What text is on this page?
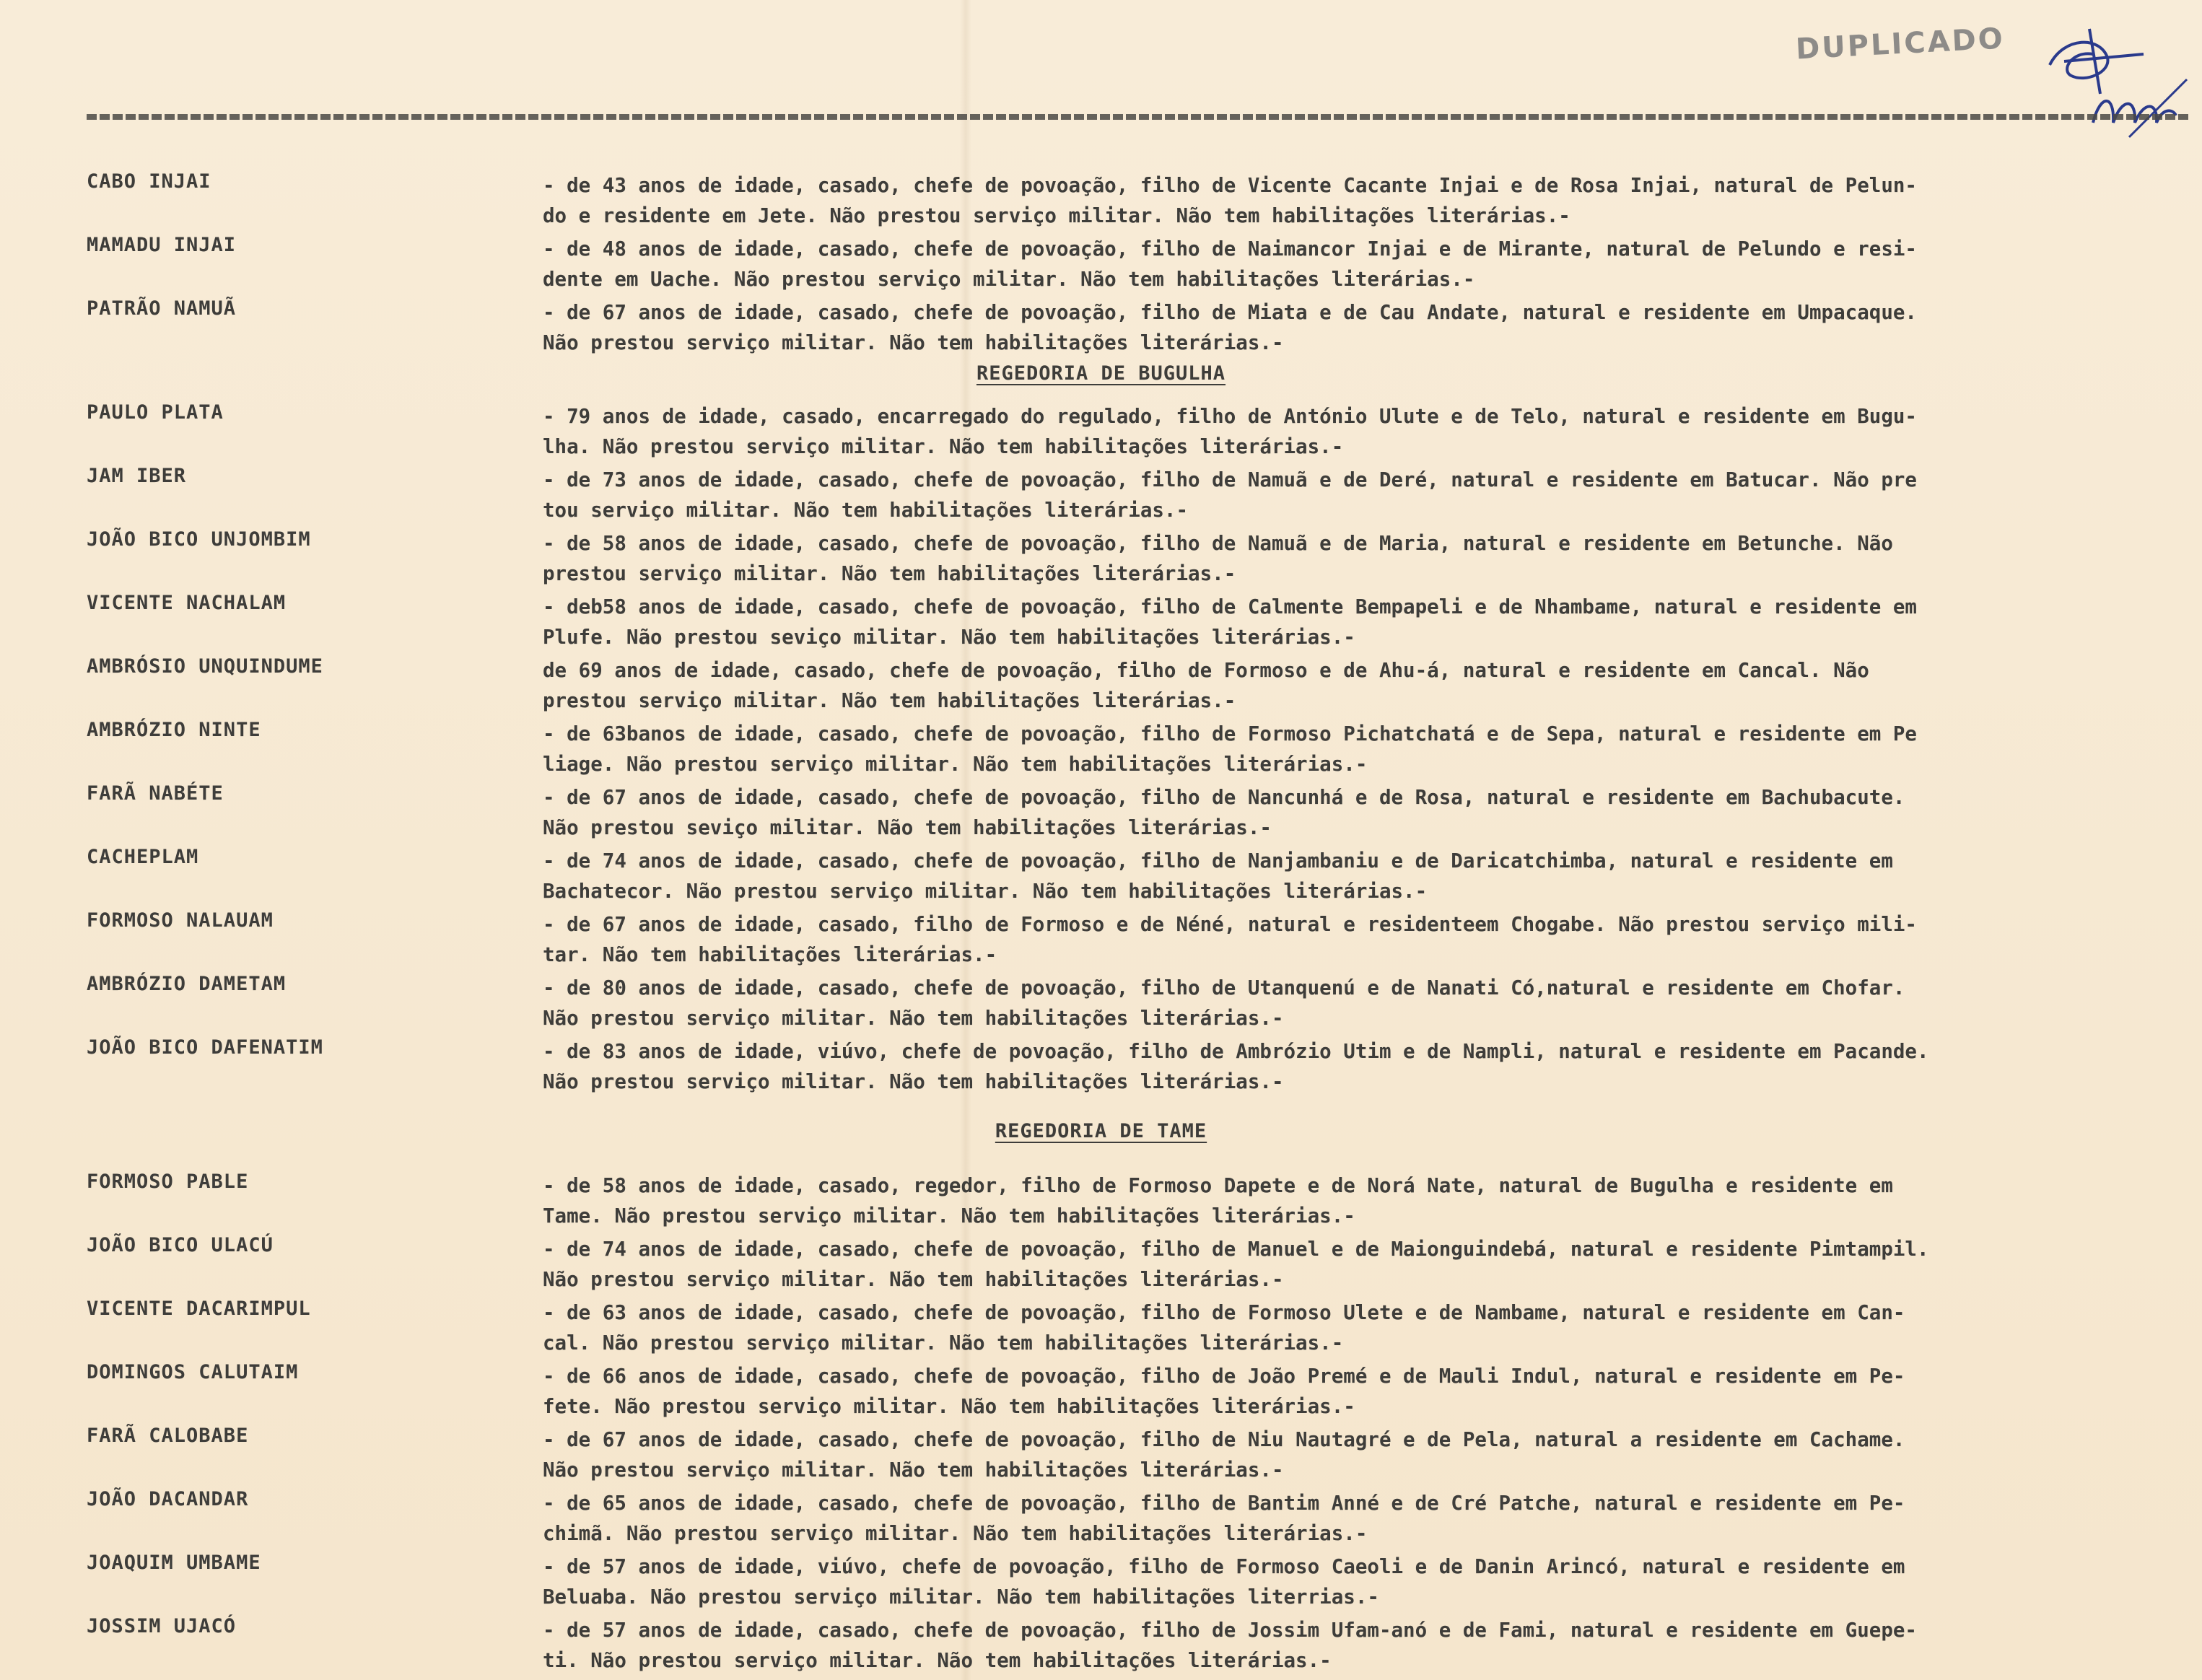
DUPLICADO
CABO INJAI	- de 43 anos de idade, casado, chefe de povoação, filho de Vicente Cacante Injai e de Rosa Injai, natural de Pelun-
do e residente em Jete. Não prestou serviço militar. Não tem habilitações literárias.-
MAMADU INJAI	- de 48 anos de idade, casado, chefe de povoação, filho de Naimancor Injai e de Mirante, natural de Pelundo e resi-
dente em Uache. Não prestou serviço militar. Não tem habilitações literárias.-
PATRÃO NAMUÃ	- de 67 anos de idade, casado, chefe de povoação, filho de Miata e de Cau Andate, natural e residente em Umpacaque.
Não prestou serviço militar. Não tem habilitações literárias.-
REGEDORIA DE BUGULHA
PAULO PLATA	- 79 anos de idade, casado, encarregado do regulado, filho de António Ulute e de Telo, natural e residente em Bugu-
lha. Não prestou serviço militar. Não tem habilitações literárias.-
JAM IBER	- de 73 anos de idade, casado, chefe de povoação, filho de Namuã e de Deré, natural e residente em Batucar. Não pre
tou serviço militar. Não tem habilitações literárias.-
JOÃO BICO UNJOMBIM	- de 58 anos de idade, casado, chefe de povoação, filho de Namuã e de Maria, natural e residente em Betunche. Não
prestou serviço militar. Não tem habilitações literárias.-
VICENTE NACHALAM	- deb58 anos de idade, casado, chefe de povoação, filho de Calmente Bempapeli e de Nhambame, natural e residente em
Plufe. Não prestou seviço militar. Não tem habilitações literárias.-
AMBRÓSIO UNQUINDUME	de 69 anos de idade, casado, chefe de povoação, filho de Formoso e de Ahu-á, natural e residente em Cancal. Não
prestou serviço militar. Não tem habilitações literárias.-
AMBRÓZIO NINTE	- de 63banos de idade, casado, chefe de povoação, filho de Formoso Pichatchatá e de Sepa, natural e residente em Pe
liage. Não prestou serviço militar. Não tem habilitações literárias.-
FARÃ NABÉTE	- de 67 anos de idade, casado, chefe de povoação, filho de Nancunhá e de Rosa, natural e residente em Bachubacute.
Não prestou seviço militar. Não tem habilitações literárias.-
CACHEPLAM	- de 74 anos de idade, casado, chefe de povoação, filho de Nanjambaniu e de Daricatchimba, natural e residente em
Bachatecor. Não prestou serviço militar. Não tem habilitações literárias.-
FORMOSO NALAUAM	- de 67 anos de idade, casado, filho de Formoso e de Néné, natural e residenteem Chogabe. Não prestou serviço mili-
tar. Não tem habilitações literárias.-
AMBRÓZIO DAMETAM	- de 80 anos de idade, casado, chefe de povoação, filho de Utanquenú e de Nanati Có,natural e residente em Chofar.
Não prestou serviço militar. Não tem habilitações literárias.-
JOÃO BICO DAFENATIM	- de 83 anos de idade, viúvo, chefe de povoação, filho de Ambrózio Utim e de Nampli, natural e residente em Pacande.
Não prestou serviço militar. Não tem habilitações literárias.-
REGEDORIA DE TAME
FORMOSO PABLE	- de 58 anos de idade, casado, regedor, filho de Formoso Dapete e de Norá Nate, natural de Bugulha e residente em
Tame. Não prestou serviço militar. Não tem habilitações literárias.-
JOÃO BICO ULACÚ	- de 74 anos de idade, casado, chefe de povoação, filho de Manuel e de Maionguindebá, natural e residente Pimtampil.
Não prestou serviço militar. Não tem habilitações literárias.-
VICENTE DACARIMPUL	- de 63 anos de idade, casado, chefe de povoação, filho de Formoso Ulete e de Nambame, natural e residente em Can-
cal. Não prestou serviço militar. Não tem habilitações literárias.-
DOMINGOS CALUTAIM	- de 66 anos de idade, casado, chefe de povoação, filho de João Premé e de Mauli Indul, natural e residente em Pe-
fete. Não prestou serviço militar. Não tem habilitações literárias.-
FARÃ CALOBABE	- de 67 anos de idade, casado, chefe de povoação, filho de Niu Nautagré e de Pela, natural a residente em Cachame.
Não prestou serviço militar. Não tem habilitações literárias.-
JOÃO DACANDAR	- de 65 anos de idade, casado, chefe de povoação, filho de Bantim Anné e de Cré Patche, natural e residente em Pe-
chimã. Não prestou serviço militar. Não tem habilitações literárias.-
JOAQUIM UMBAME	- de 57 anos de idade, viúvo, chefe de povoação, filho de Formoso Caeoli e de Danin Arincó, natural e residente em
Beluaba. Não prestou serviço militar. Não tem habilitações literrias.-
JOSSIM UJACÓ	- de 57 anos de idade, casado, chefe de povoação, filho de Jossim Ufam-anó e de Fami, natural e residente em Guepe-
ti. Não prestou serviço militar. Não tem habilitações literárias.-
